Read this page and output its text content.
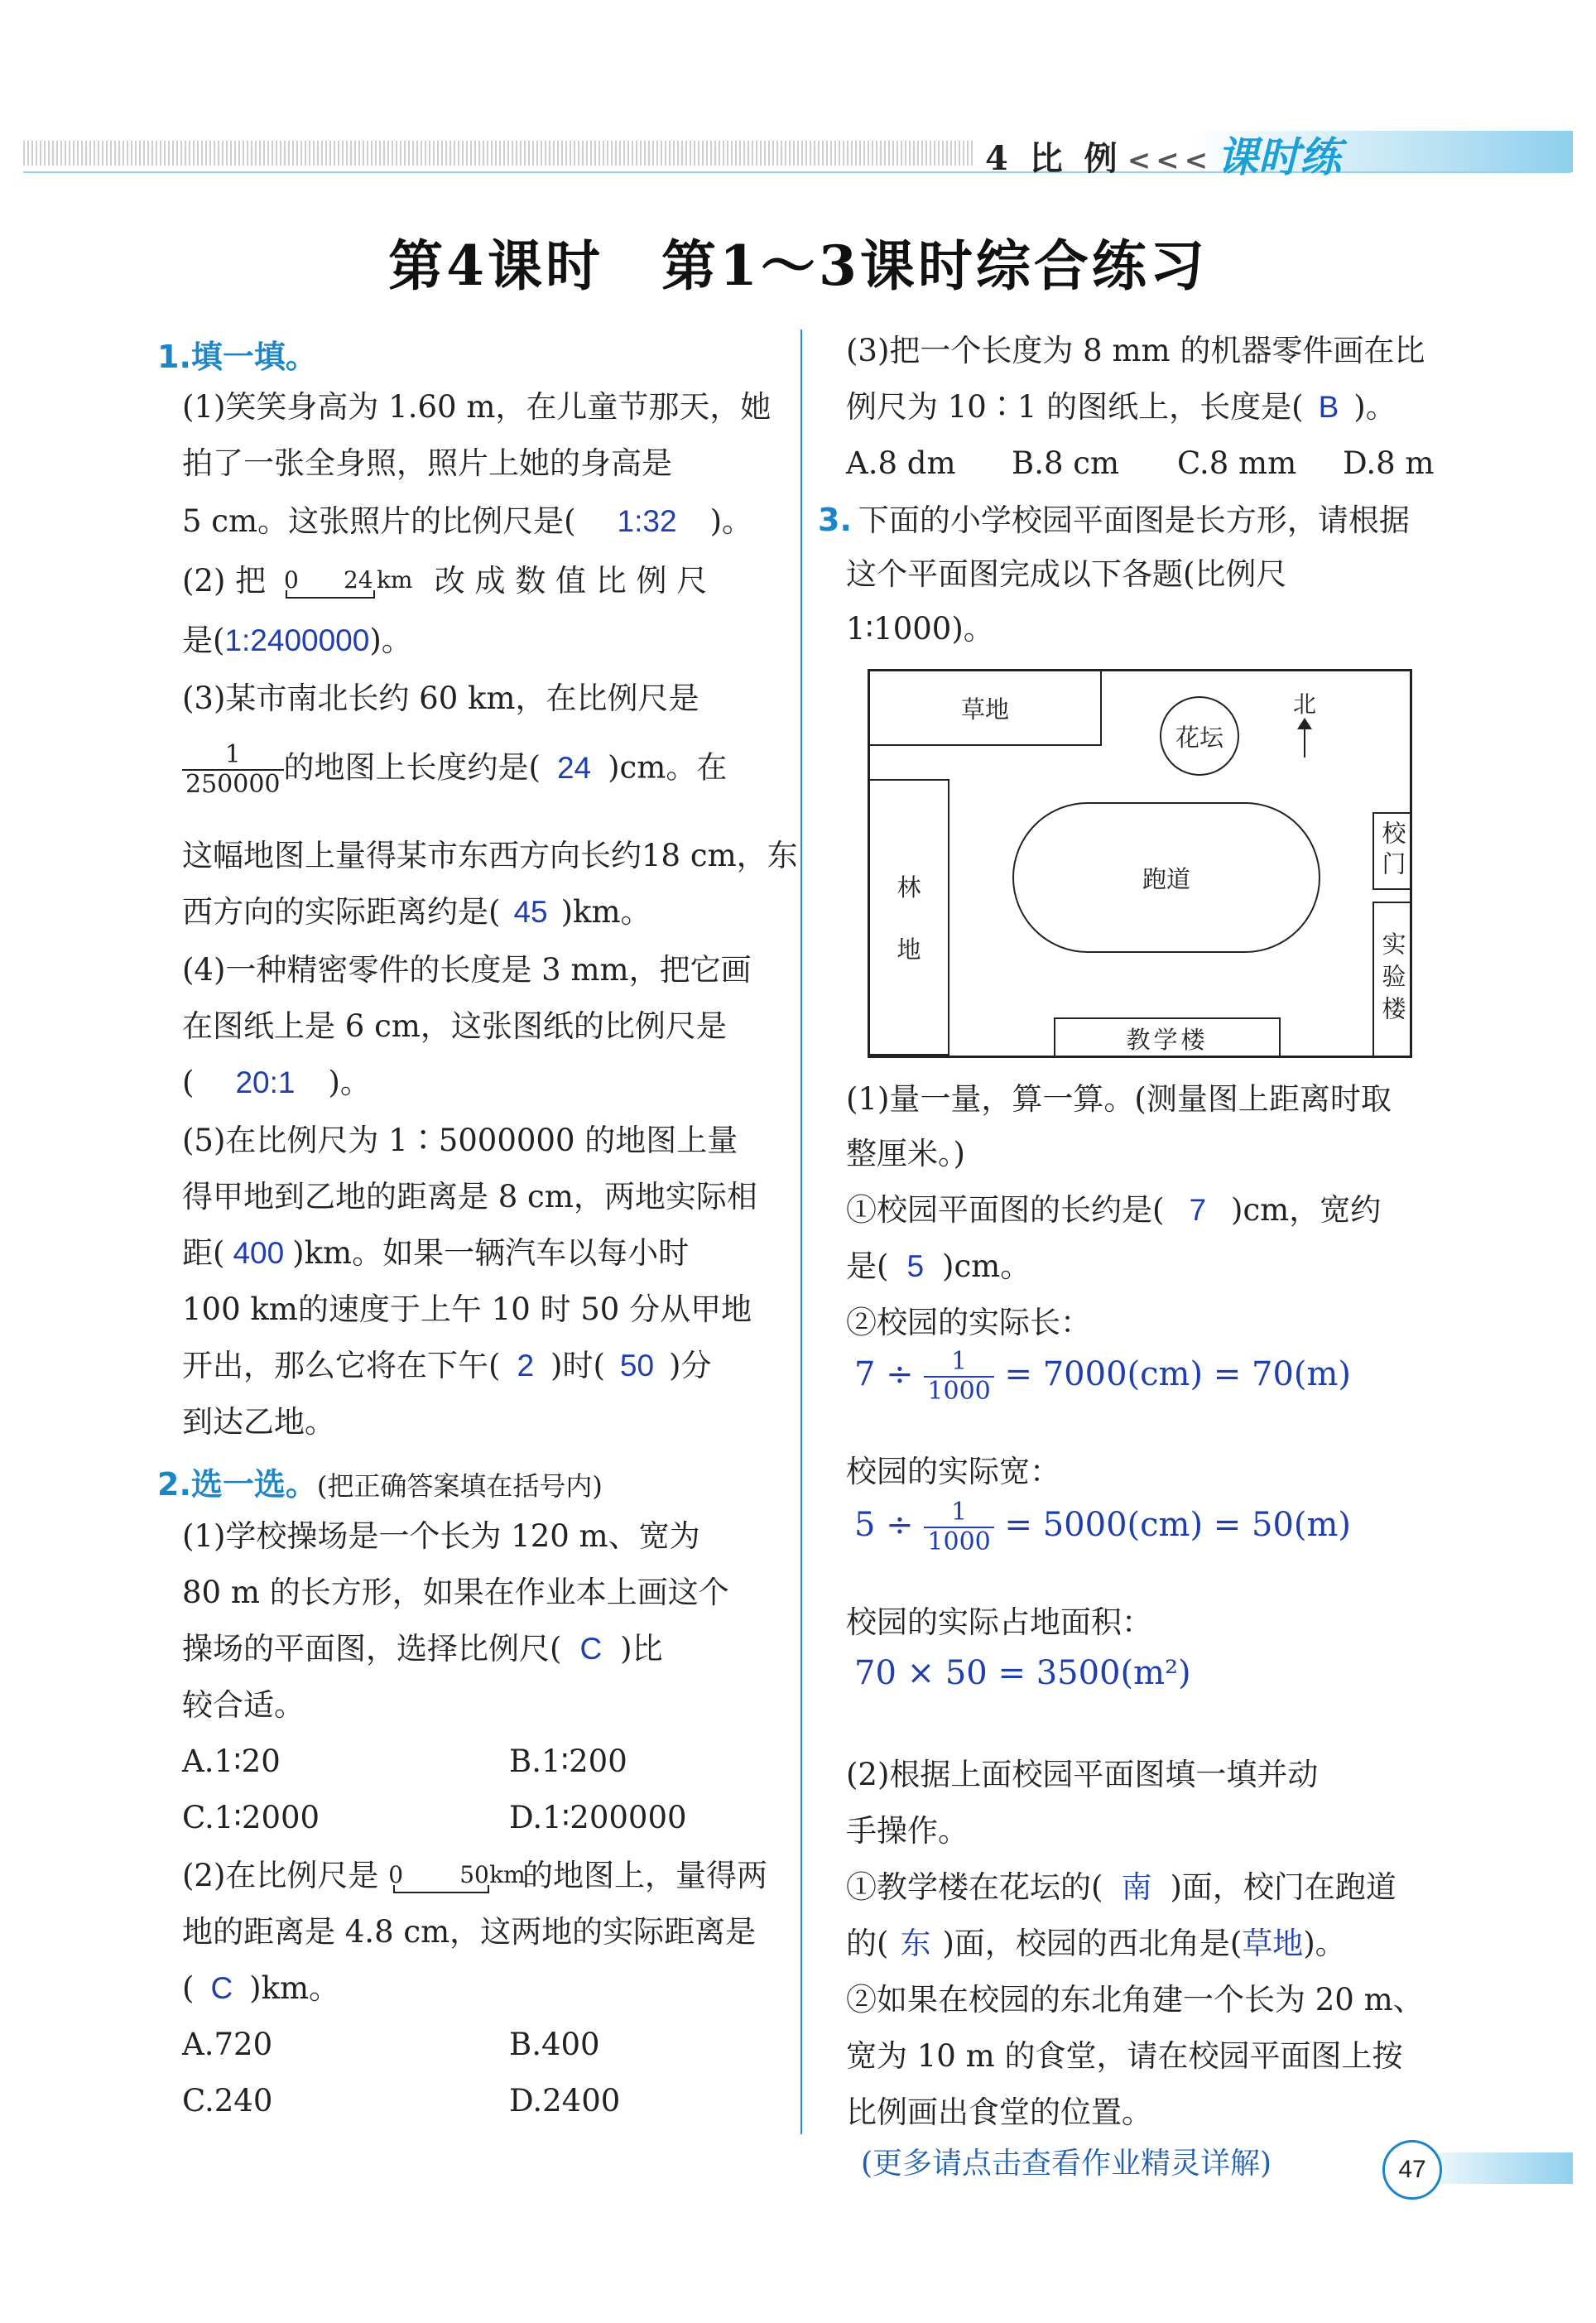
4 比 例 <<< 课时练
第4课时　第1～3课时综合练习
1.填一填。
(1)笑笑身高为 1.60 m，在儿童节那天，她
拍了一张全身照，照片上她的身高是
5 cm。这张照片的比例尺是( 1:32 )。
(2) 把 0 24 km 改 成 数 值 比 例 尺
是(1:2400000)。
(3)某市南北长约 60 km，在比例尺是
$\frac{1}{250000}$ 的地图上长度约是( 24 )cm。在
这幅地图上量得某市东西方向长约18 cm，东
西方向的实际距离约是( 45 )km。
(4)一种精密零件的长度是 3 mm，把它画
在图纸上是 6 cm，这张图纸的比例尺是
( 20:1 )。
(5)在比例尺为 1∶5000000 的地图上量
得甲地到乙地的距离是 8 cm，两地实际相
距( 400 )km。如果一辆汽车以每小时
100 km的速度于上午 10 时 50 分从甲地
开出，那么它将在下午( 2 )时( 50 )分
到达乙地。
2.选一选。(把正确答案填在括号内)
(1)学校操场是一个长为 120 m、宽为
80 m 的长方形，如果在作业本上画这个
操场的平面图，选择比例尺( C )比
较合适。
A.1∶20	B.1∶200
C.1∶2000	D.1∶200000
(2)在比例尺是 0 50 km
的地图上，量得两
地的距离是 4.8 cm，这两地的实际距离是
( C )km。
A.720	B.400
C.240	D.2400
(3)把一个长度为 8 mm 的机器零件画在比
例尺为 10∶1 的图纸上，长度是( B )。
A.8 dm B.8 cm C.8 mm D.8 m
3. 下面的小学校园平面图是长方形，请根据
这个平面图完成以下各题(比例尺
1∶1000)。
草地
花坛
北
林
地
跑道	校门
实验楼
教学楼
(1)量一量，算一算。(测量图上距离时取
整厘米。)
①校园平面图的长约是( 7 )cm，宽约
是( 5 )cm。
②校园的实际长：
$7 \div \frac{1}{1000} = 7000(cm) = 70(m)$
校园的实际宽：
$5 \div \frac{1}{1000} = 5000(cm) = 50(m)$
校园的实际占地面积：
70 × 50 = 3500(m²)
(2)根据上面校园平面图填一填并动
手操作。
①教学楼在花坛的( 南 )面，校门在跑道
的( 东 )面，校园的西北角是(草地)。
②如果在校园的东北角建一个长为 20 m、
宽为 10 m 的食堂，请在校园平面图上按
比例画出食堂的位置。
(更多请点击查看作业精灵详解)	47
